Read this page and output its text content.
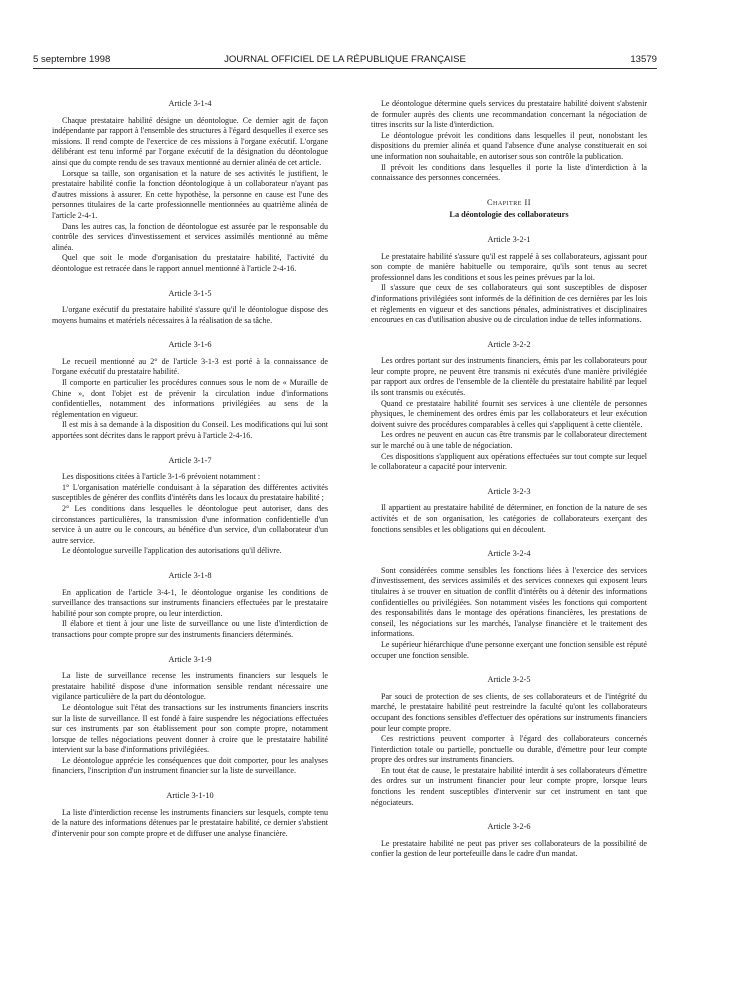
5 septembre 1998	JOURNAL OFFICIEL DE LA RÉPUBLIQUE FRANÇAISE	13579
Article 3-1-4

Chaque prestataire habilité désigne un déontologue. Ce dernier agit de façon indépendante par rapport à l'ensemble des structures à l'égard desquelles il exerce ses missions. Il rend compte de l'exercice de ces missions à l'organe exécutif. L'organe délibérant est tenu informé par l'organe exécutif de la désignation du déontologue ainsi que du compte rendu de ses travaux mentionné au dernier alinéa de cet article.

Lorsque sa taille, son organisation et la nature de ses activités le justifient, le prestataire habilité confie la fonction déontologique à un collaborateur n'ayant pas d'autres missions à assurer. En cette hypothèse, la personne en cause est l'une des personnes titulaires de la carte professionnelle mentionnées au quatrième alinéa de l'article 2-4-1.

Dans les autres cas, la fonction de déontologue est assurée par le responsable du contrôle des services d'investissement et services assimilés mentionné au même alinéa.

Quel que soit le mode d'organisation du prestataire habilité, l'activité du déontologue est retracée dans le rapport annuel mentionné à l'article 2-4-16.

Article 3-1-5

L'organe exécutif du prestataire habilité s'assure qu'il le déontologue dispose des moyens humains et matériels nécessaires à la réalisation de sa tâche.

Article 3-1-6

Le recueil mentionné au 2° de l'article 3-1-3 est porté à la connaissance de l'organe exécutif du prestataire habilité.

Il comporte en particulier les procédures connues sous le nom de « Muraille de Chine », dont l'objet est de prévenir la circulation indue d'informations confidentielles, notamment des informations privilégiées au sens de la réglementation en vigueur.

Il est mis à sa demande à la disposition du Conseil. Les modifications qui lui sont apportées sont décrites dans le rapport prévu à l'article 2-4-16.

Article 3-1-7

Les dispositions citées à l'article 3-1-6 prévoient notamment :

1° L'organisation matérielle conduisant à la séparation des différentes activités susceptibles de générer des conflits d'intérêts dans les locaux du prestataire habilité ;

2° Les conditions dans lesquelles le déontologue peut autoriser, dans des circonstances particulières, la transmission d'une information confidentielle d'un service à un autre ou le concours, au bénéfice d'un service, d'un collaborateur d'un autre service.

Le déontologue surveille l'application des autorisations qu'il délivre.

Article 3-1-8

En application de l'article 3-4-1, le déontologue organise les conditions de surveillance des transactions sur instruments financiers effectuées par le prestataire habilité pour son compte propre, ou leur interdiction.

Il élabore et tient à jour une liste de surveillance ou une liste d'interdiction de transactions pour compte propre sur des instruments financiers déterminés.

Article 3-1-9

La liste de surveillance recense les instruments financiers sur lesquels le prestataire habilité dispose d'une information sensible rendant nécessaire une vigilance particulière de la part du déontologue.

Le déontologue suit l'état des transactions sur les instruments financiers inscrits sur la liste de surveillance. Il est fondé à faire suspendre les négociations effectuées sur ces instruments par son établissement pour son compte propre, notamment lorsque de telles négociations peuvent donner à croire que le prestataire habilité intervient sur la base d'informations privilégiées.

Le déontologue apprécie les conséquences que doit comporter, pour les analyses financiers, l'inscription d'un instrument financier sur la liste de surveillance.

Article 3-1-10

La liste d'interdiction recense les instruments financiers sur lesquels, compte tenu de la nature des informations détenues par le prestataire habilité, ce dernier s'abstient d'intervenir pour son compte propre et de diffuser une analyse financière.

Le déontologue détermine quels services du prestataire habilité doivent s'abstenir de formuler auprès des clients une recommandation concernant la négociation de titres inscrits sur la liste d'interdiction.

Le déontologue prévoit les conditions dans lesquelles il peut, nonobstant les dispositions du premier alinéa et quand l'absence d'une analyse constituerait en soi une information non souhaitable, en autoriser sous son contrôle la publication.

Il prévoit les conditions dans lesquelles il porte la liste d'interdiction à la connaissance des personnes concernées.

Chapitre II
La déontologie des collaborateurs
Article 3-2-1

Le prestataire habilité s'assure qu'il est rappelé à ses collaborateurs, agissant pour son compte de manière habituelle ou temporaire, qu'ils sont tenus au secret professionnel dans les conditions et sous les peines prévues par la loi.

Il s'assure que ceux de ses collaborateurs qui sont susceptibles de disposer d'informations privilégiées sont informés de la définition de ces dernières par les lois et règlements en vigueur et des sanctions pénales, administratives et disciplinaires encourues en cas d'utilisation abusive ou de circulation indue de telles informations.

Article 3-2-2

Les ordres portant sur des instruments financiers, émis par les collaborateurs pour leur compte propre, ne peuvent être transmis ni exécutés d'une manière privilégiée par rapport aux ordres de l'ensemble de la clientèle du prestataire habilité par lequel ils sont transmis ou exécutés.

Quand ce prestataire habilité fournit ses services à une clientèle de personnes physiques, le cheminement des ordres émis par les collaborateurs et leur exécution doivent suivre des procédures comparables à celles qui s'appliquent à cette clientèle.

Les ordres ne peuvent en aucun cas être transmis par le collaborateur directement sur le marché ou à une table de négociation.

Ces dispositions s'appliquent aux opérations effectuées sur tout compte sur lequel le collaborateur a capacité pour intervenir.

Article 3-2-3

Il appartient au prestataire habilité de déterminer, en fonction de la nature de ses activités et de son organisation, les catégories de collaborateurs exerçant des fonctions sensibles et les obligations qui en découlent.

Article 3-2-4

Sont considérées comme sensibles les fonctions liées à l'exercice des services d'investissement, des services assimilés et des services connexes qui exposent leurs titulaires à se trouver en situation de conflit d'intérêts ou à détenir des informations confidentielles ou privilégiées. Son notamment visées les fonctions qui comportent des responsabilités dans le montage des opérations financières, les prestations de conseil, les négociations sur les marchés, l'analyse financière et le traitement des informations.

Le supérieur hiérarchique d'une personne exerçant une fonction sensible est réputé occuper une fonction sensible.

Article 3-2-5

Par souci de protection de ses clients, de ses collaborateurs et de l'intégrité du marché, le prestataire habilité peut restreindre la faculté qu'ont les collaborateurs occupant des fonctions sensibles d'effectuer des opérations sur instruments financiers pour leur compte propre.

Ces restrictions peuvent comporter à l'égard des collaborateurs concernés l'interdiction totale ou partielle, ponctuelle ou durable, d'émettre pour leur compte propre des ordres sur instruments financiers.

En tout état de cause, le prestataire habilité interdit à ses collaborateurs d'émettre des ordres sur un instrument financier pour leur compte propre, lorsque leurs fonctions les rendent susceptibles d'intervenir sur cet instrument en tant que négociateurs.

Article 3-2-6

Le prestataire habilité ne peut pas priver ses collaborateurs de la possibilité de confier la gestion de leur portefeuille dans le cadre d'un mandat.
